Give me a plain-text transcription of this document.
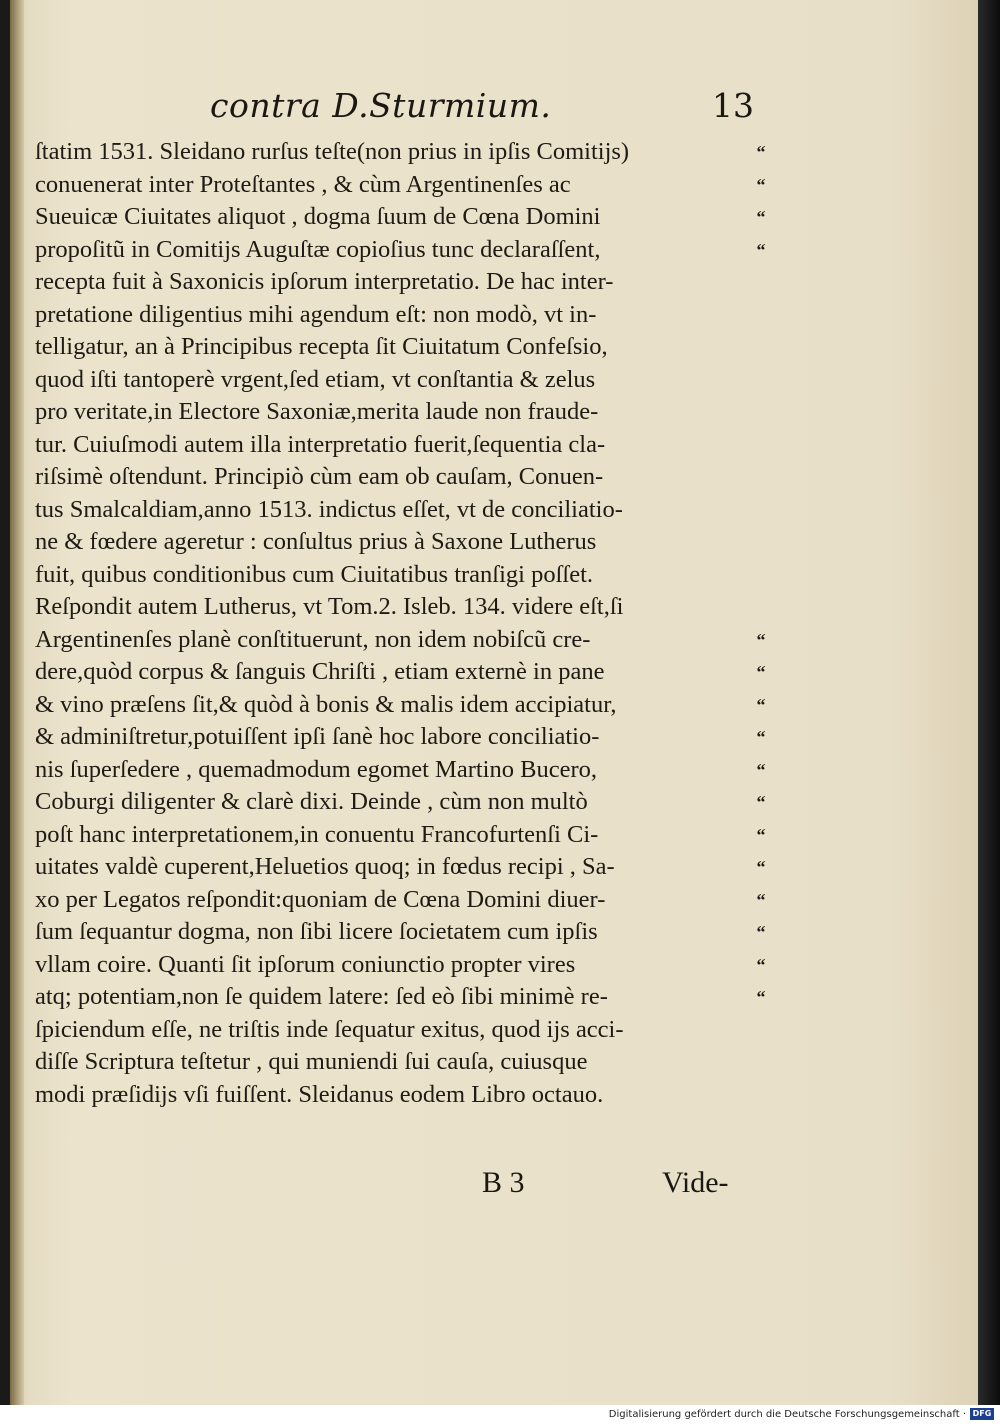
contra D.Sturmium.	13
ſtatim 1531. Sleidano rurſus teſte(non prius in ipſis Comitijs)
conuenerat inter Proteſtantes , & cùm Argentinenſes ac
Sueuicæ Ciuitates aliquot , dogma ſuum de Cœna Domini
propoſitũ in Comitijs Auguſtæ copioſius tunc declaraſſent,
recepta fuit à Saxonicis ipſorum interpretatio. De hac inter-
pretatione diligentius mihi agendum eſt: non modò, vt in-
telligatur, an à Principibus recepta ſit Ciuitatum Confeſsio,
quod iſti tantoperè vrgent,ſed etiam, vt conſtantia & zelus
pro veritate,in Electore Saxoniæ,merita laude non fraude-
tur. Cuiuſmodi autem illa interpretatio fuerit,ſequentia cla-
riſsimè oſtendunt. Principiò cùm eam ob cauſam, Conuen-
tus Smalcaldiam,anno 1513. indictus eſſet, vt de conciliatio-
ne & fœdere ageretur : conſultus prius à Saxone Lutherus
fuit, quibus conditionibus cum Ciuitatibus tranſigi poſſet.
Reſpondit autem Lutherus, vt Tom.2. Isleb. 134. videre eſt,ſi
Argentinenſes planè conſtituerunt, non idem nobiſcũ cre-
dere,quòd corpus & ſanguis Chriſti , etiam externè in pane
& vino præſens ſit,& quòd à bonis & malis idem accipiatur,
& adminiſtretur,potuiſſent ipſi ſanè hoc labore conciliatio-
nis ſuperſedere , quemadmodum egomet Martino Bucero,
Coburgi diligenter & clarè dixi. Deinde , cùm non multò
poſt hanc interpretationem,in conuentu Francofurtenſi Ci-
uitates valdè cuperent,Heluetios quoq; in fœdus recipi , Sa-
xo per Legatos reſpondit:quoniam de Cœna Domini diuer-
ſum ſequantur dogma, non ſibi licere ſocietatem cum ipſis
vllam coire. Quanti ſit ipſorum coniunctio propter vires
atq; potentiam,non ſe quidem latere: ſed eò ſibi minimè re-
ſpiciendum eſſe, ne triſtis inde ſequatur exitus, quod ijs acci-
diſſe Scriptura teſtetur , qui muniendi ſui cauſa, cuiusque
modi præſidijs vſi fuiſſent. Sleidanus eodem Libro octauo.
“
“
“
“
“
“
“
“
“
“
“
“
“
“
“
“
B 3	Vide-
Digitalisierung gefördert durch die Deutsche Forschungsgemeinschaft · DFG
